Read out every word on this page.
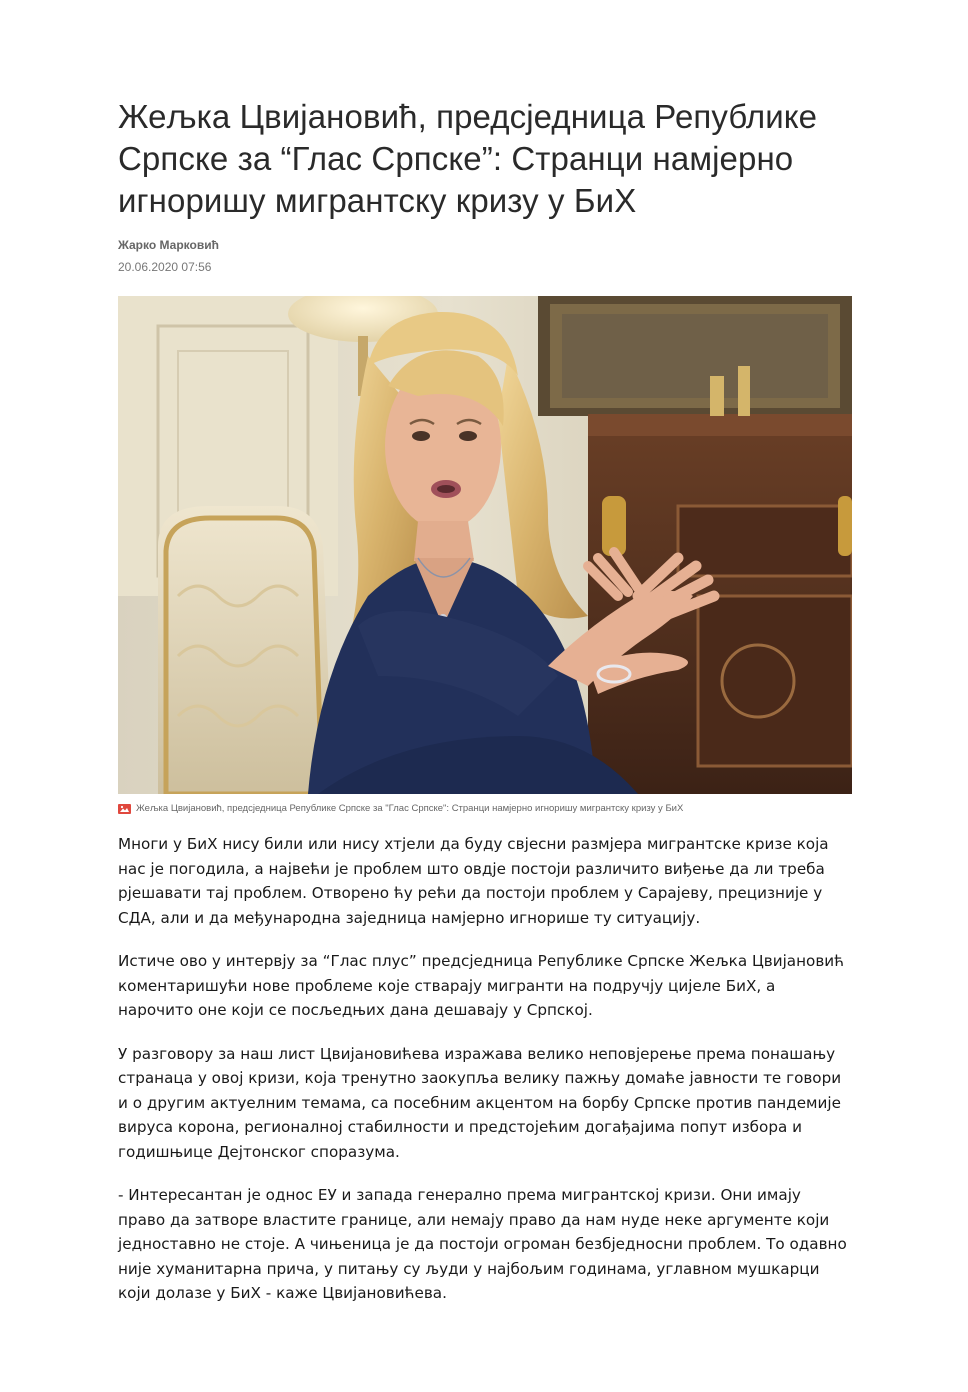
Жељка Цвијановић, предсједница Републике Српске за “Глас Српске”: Странци намјерно игноришу мигрантску кризу у БиХ
Жарко Марковић
20.06.2020 07:56
Жељка Цвијановић, предсједница Републике Српске за "Глас Српске": Странци намјерно игноришу мигрантску кризу у БиХ

Многи у БиХ нису били или нису хтјели да буду свјесни размјера мигрантске кризе која нас је погодила, а највећи је проблем што овдје постоји различито виђење да ли треба рјешавати тај проблем. Отворено ћу рећи да постоји проблем у Сарајеву, прецизније у СДА, али и да међународна заједница намјерно игнорише ту ситуацију.

Истиче ово у интервју за “Глас плус” предсједница Републике Српске Жељка Цвијановић коментаришући нове проблеме које стварају мигранти на подручју цијеле БиХ, а нарочито оне који се посљедњих дана дешавају у Српској.

У разговору за наш лист Цвијановићева изражава велико неповјерење према понашању странаца у овој кризи, која тренутно заокупља велику пажњу домаће јавности те говори и о другим актуелним темама, са посебним акцентом на борбу Српске против пандемије вируса корона, регионалној стабилности и предстојећим догађајима попут избора и годишњице Дејтонског споразума.

- Интересантан је однос ЕУ и запада генерално према мигрантској кризи. Они имају право да затворе властите границе, али немају право да нам нуде неке аргументе који једноставно не стоје. А чињеница је да постоји огроман безбједносни проблем. То одавно није хуманитарна прича, у питању су људи у најбољим годинама, углавном мушкарци који долазе у БиХ - каже Цвијановићева.
